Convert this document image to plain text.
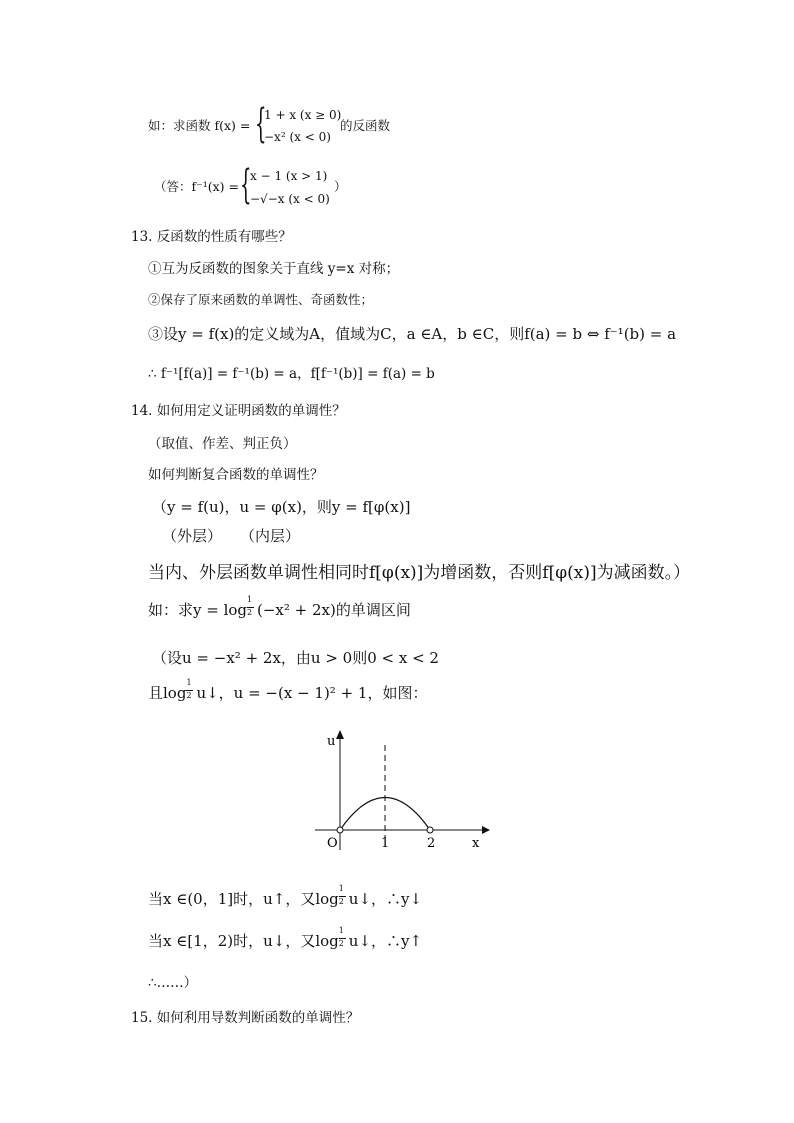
如：求函数 f(x) = {
1 + x (x ≥ 0)
−x² (x < 0)
的反函数
（答：f⁻¹(x) = {
x − 1 (x > 1)
−√−x (x < 0)
）
13. 反函数的性质有哪些？
①互为反函数的图象关于直线 y=x 对称；
②保存了原来函数的单调性、奇函数性；
③设y = f(x)的定义域为A，值域为C，a ∈A，b ∈C，则f(a) = b ⇔ f⁻¹(b) = a
∴ f⁻¹[f(a)] = f⁻¹(b) = a，f[f⁻¹(b)] = f(a) = b
14. 如何用定义证明函数的单调性？
（取值、作差、判正负）
如何判断复合函数的单调性？
（y = f(u)，u = φ(x)，则y = f[φ(x)]
（外层） （内层）
当内、外层函数单调性相同时f[φ(x)]为增函数，否则f[φ(x)]为减函数。）
如：求$y = \log \frac{1}{2} (-x^2 + 2x)$的单调区间
（设u = −x² + 2x，由u > 0则0 < x < 2
且$\log \frac{1}{2}$ u↓，u = −(x − 1)² + 1，如图：
u
x
O	1	2
当x ∈(0，1]时，u↑，又$\log \frac{1}{2}$ u↓，∴y↓
当x ∈[1，2)时，u↓，又$\log \frac{1}{2}$ u↓，∴y↑
∴……）
15. 如何利用导数判断函数的单调性？
